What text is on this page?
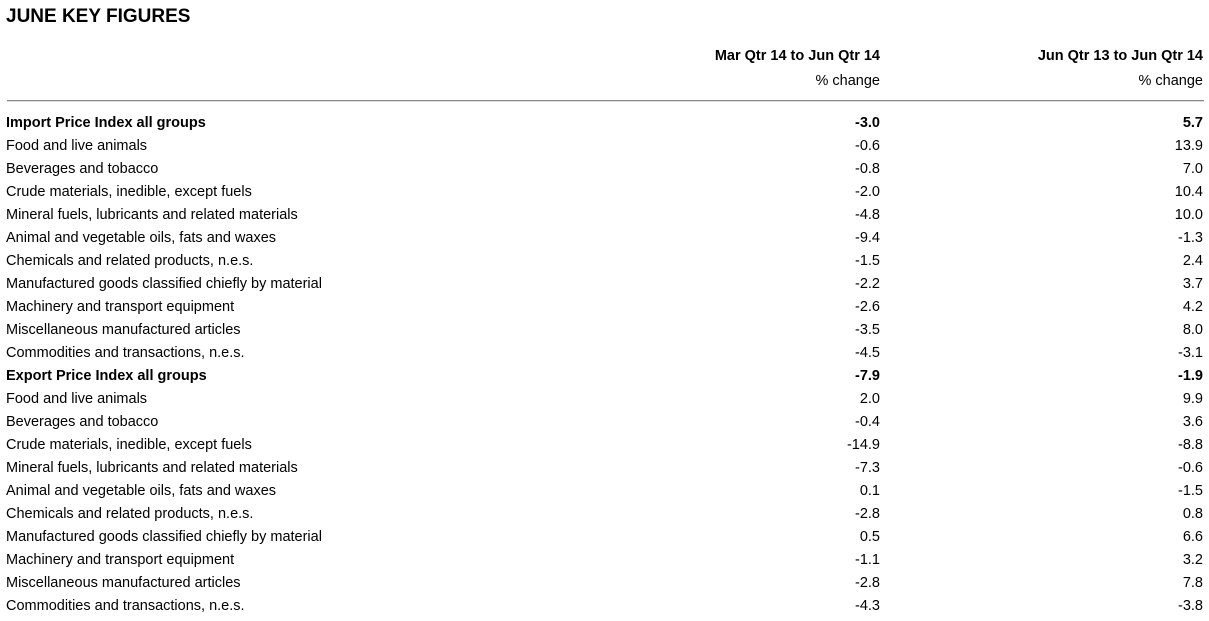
JUNE KEY FIGURES
Mar Qtr 14 to Jun Qtr 14
% change
Jun Qtr 13 to Jun Qtr 14
% change
Import Price Index all groups	-3.0	5.7
Food and live animals	-0.6	13.9
Beverages and tobacco	-0.8	7.0
Crude materials, inedible, except fuels	-2.0	10.4
Mineral fuels, lubricants and related materials	-4.8	10.0
Animal and vegetable oils, fats and waxes	-9.4	-1.3
Chemicals and related products, n.e.s.	-1.5	2.4
Manufactured goods classified chiefly by material	-2.2	3.7
Machinery and transport equipment	-2.6	4.2
Miscellaneous manufactured articles	-3.5	8.0
Commodities and transactions, n.e.s.	-4.5	-3.1
Export Price Index all groups	-7.9	-1.9
Food and live animals	2.0	9.9
Beverages and tobacco	-0.4	3.6
Crude materials, inedible, except fuels	-14.9	-8.8
Mineral fuels, lubricants and related materials	-7.3	-0.6
Animal and vegetable oils, fats and waxes	0.1	-1.5
Chemicals and related products, n.e.s.	-2.8	0.8
Manufactured goods classified chiefly by material	0.5	6.6
Machinery and transport equipment	-1.1	3.2
Miscellaneous manufactured articles	-2.8	7.8
Commodities and transactions, n.e.s.	-4.3	-3.8
